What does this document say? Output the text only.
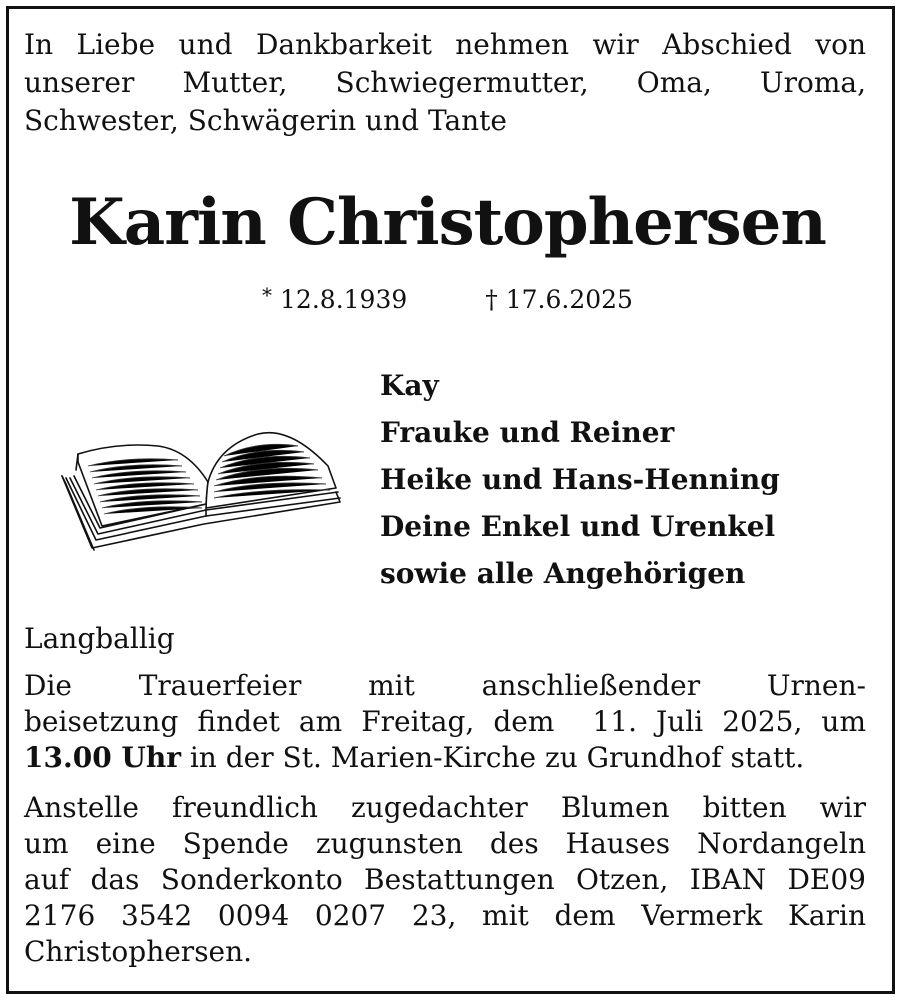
In Liebe und Dankbarkeit nehmen wir Abschied von
unserer Mutter, Schwiegermutter, Oma, Uroma,
Schwester, Schwägerin und Tante
Karin Christophersen
* 12.8.1939	† 17.6.2025
Kay
Frauke und Reiner
Heike und Hans-Henning
Deine Enkel und Urenkel
sowie alle Angehörigen
Langballig
Die Trauerfeier mit anschließender Urnen-
beisetzung findet am Freitag, dem  11. Juli 2025, um
13.00 Uhr in der St. Marien-Kirche zu Grundhof statt.
Anstelle freundlich zugedachter Blumen bitten wir
um eine Spende zugunsten des Hauses Nordangeln
auf das Sonderkonto Bestattungen Otzen, IBAN DE09
2176 3542 0094 0207 23, mit dem Vermerk Karin
Christophersen.
